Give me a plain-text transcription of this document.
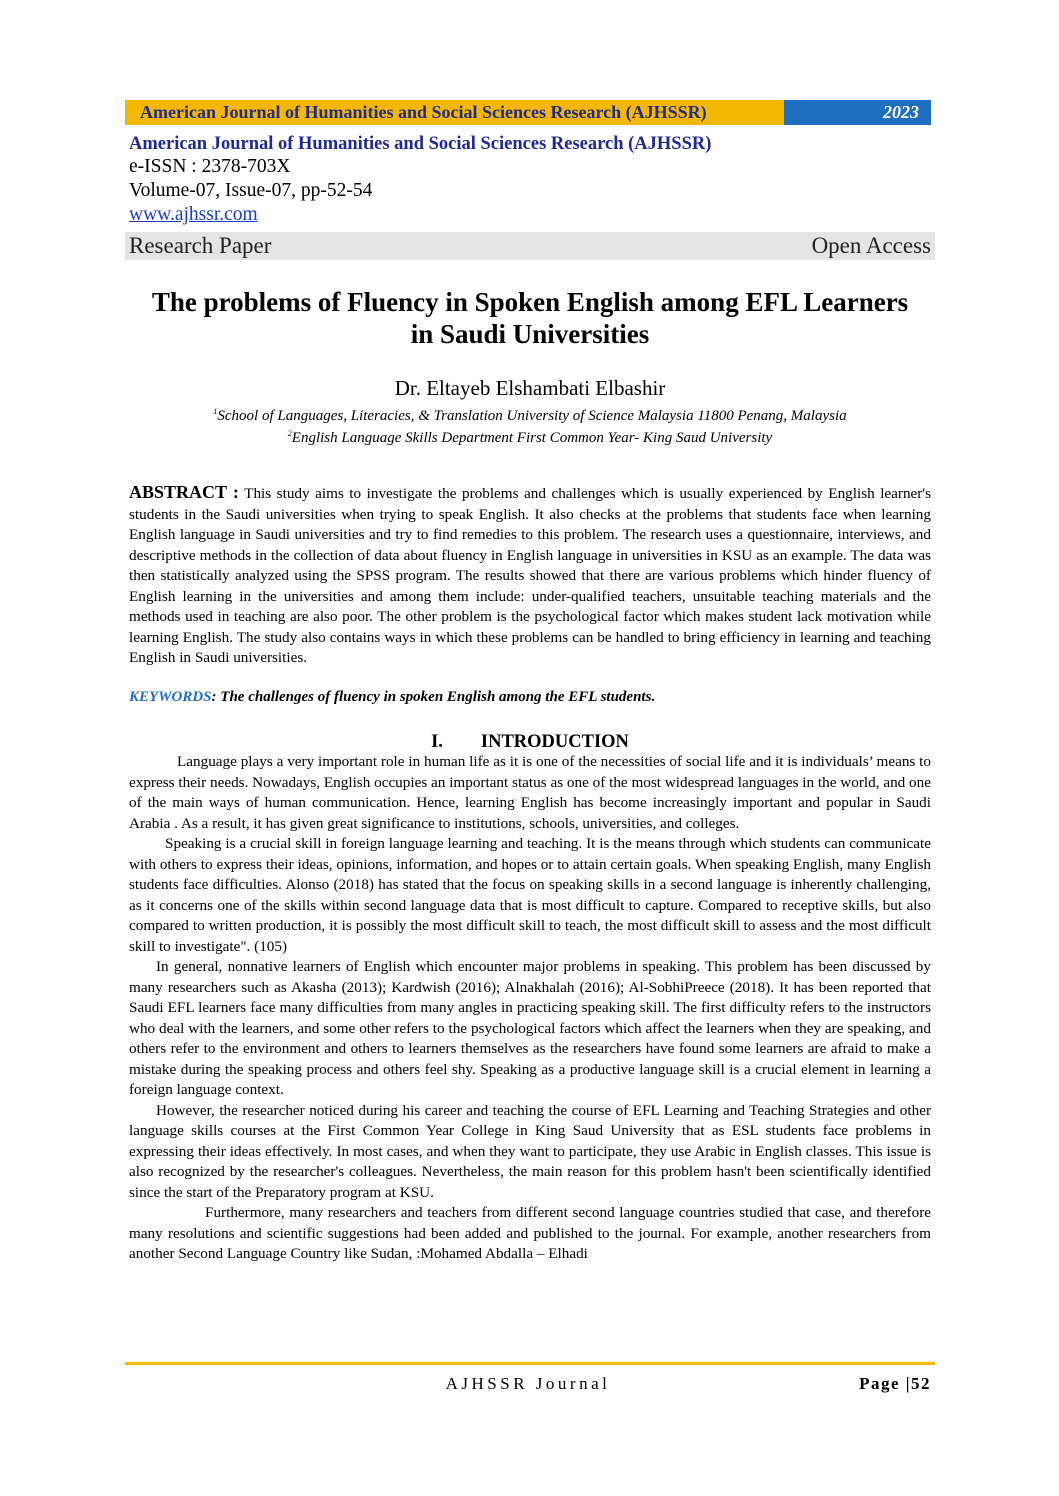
American Journal of Humanities and Social Sciences Research (AJHSSR)	2023
American Journal of Humanities and Social Sciences Research (AJHSSR)
e-ISSN : 2378-703X
Volume-07, Issue-07, pp-52-54
www.ajhssr.com
Research Paper	Open Access
The problems of Fluency in Spoken English among EFL Learners
in Saudi Universities
Dr. Eltayeb Elshambati Elbashir
$^1$School of Languages, Literacies, & Translation University of Science Malaysia 11800 Penang, Malaysia
$^2$English Language Skills Department First Common Year- King Saud University
ABSTRACT : This study aims to investigate the problems and challenges which is usually experienced by English learner's students in the Saudi universities when trying to speak English. It also checks at the problems that students face when learning English language in Saudi universities and try to find remedies to this problem. The research uses a questionnaire, interviews, and descriptive methods in the collection of data about fluency in English language in universities in KSU as an example. The data was then statistically analyzed using the SPSS program. The results showed that there are various problems which hinder fluency of English learning in the universities and among them include: under-qualified teachers, unsuitable teaching materials and the methods used in teaching are also poor. The other problem is the psychological factor which makes student lack motivation while learning English. The study also contains ways in which these problems can be handled to bring efficiency in learning and teaching English in Saudi universities.
KEYWORDS: The challenges of fluency in spoken English among the EFL students.
I. INTRODUCTION

Language plays a very important role in human life as it is one of the necessities of social life and it is individuals’ means to express their needs. Nowadays, English occupies an important status as one of the most widespread languages in the world, and one of the main ways of human communication. Hence, learning English has become increasingly important and popular in Saudi Arabia . As a result, it has given great significance to institutions, schools, universities, and colleges.

Speaking is a crucial skill in foreign language learning and teaching. It is the means through which students can communicate with others to express their ideas, opinions, information, and hopes or to attain certain goals. When speaking English, many English students face difficulties. Alonso (2018) has stated that the focus on speaking skills in a second language is inherently challenging, as it concerns one of the skills within second language data that is most difficult to capture. Compared to receptive skills, but also compared to written production, it is possibly the most difficult skill to teach, the most difficult skill to assess and the most difficult skill to investigate". (105)

In general, nonnative learners of English which encounter major problems in speaking. This problem has been discussed by many researchers such as Akasha (2013); Kardwish (2016); Alnakhalah (2016); Al-SobhiPreece (2018). It has been reported that Saudi EFL learners face many difficulties from many angles in practicing speaking skill. The first difficulty refers to the instructors who deal with the learners, and some other refers to the psychological factors which affect the learners when they are speaking, and others refer to the environment and others to learners themselves as the researchers have found some learners are afraid to make a mistake during the speaking process and others feel shy. Speaking as a productive language skill is a crucial element in learning a foreign language context.

However, the researcher noticed during his career and teaching the course of EFL Learning and Teaching Strategies and other language skills courses at the First Common Year College in King Saud University that as ESL students face problems in expressing their ideas effectively. In most cases, and when they want to participate, they use Arabic in English classes. This issue is also recognized by the researcher's colleagues. Nevertheless, the main reason for this problem hasn't been scientifically identified since the start of the Preparatory program at KSU.

Furthermore, many researchers and teachers from different second language countries studied that case, and therefore many resolutions and scientific suggestions had been added and published to the journal. For example, another researchers from another Second Language Country like Sudan, :Mohamed Abdalla – Elhadi

AJHSSR Journal	Page |52
